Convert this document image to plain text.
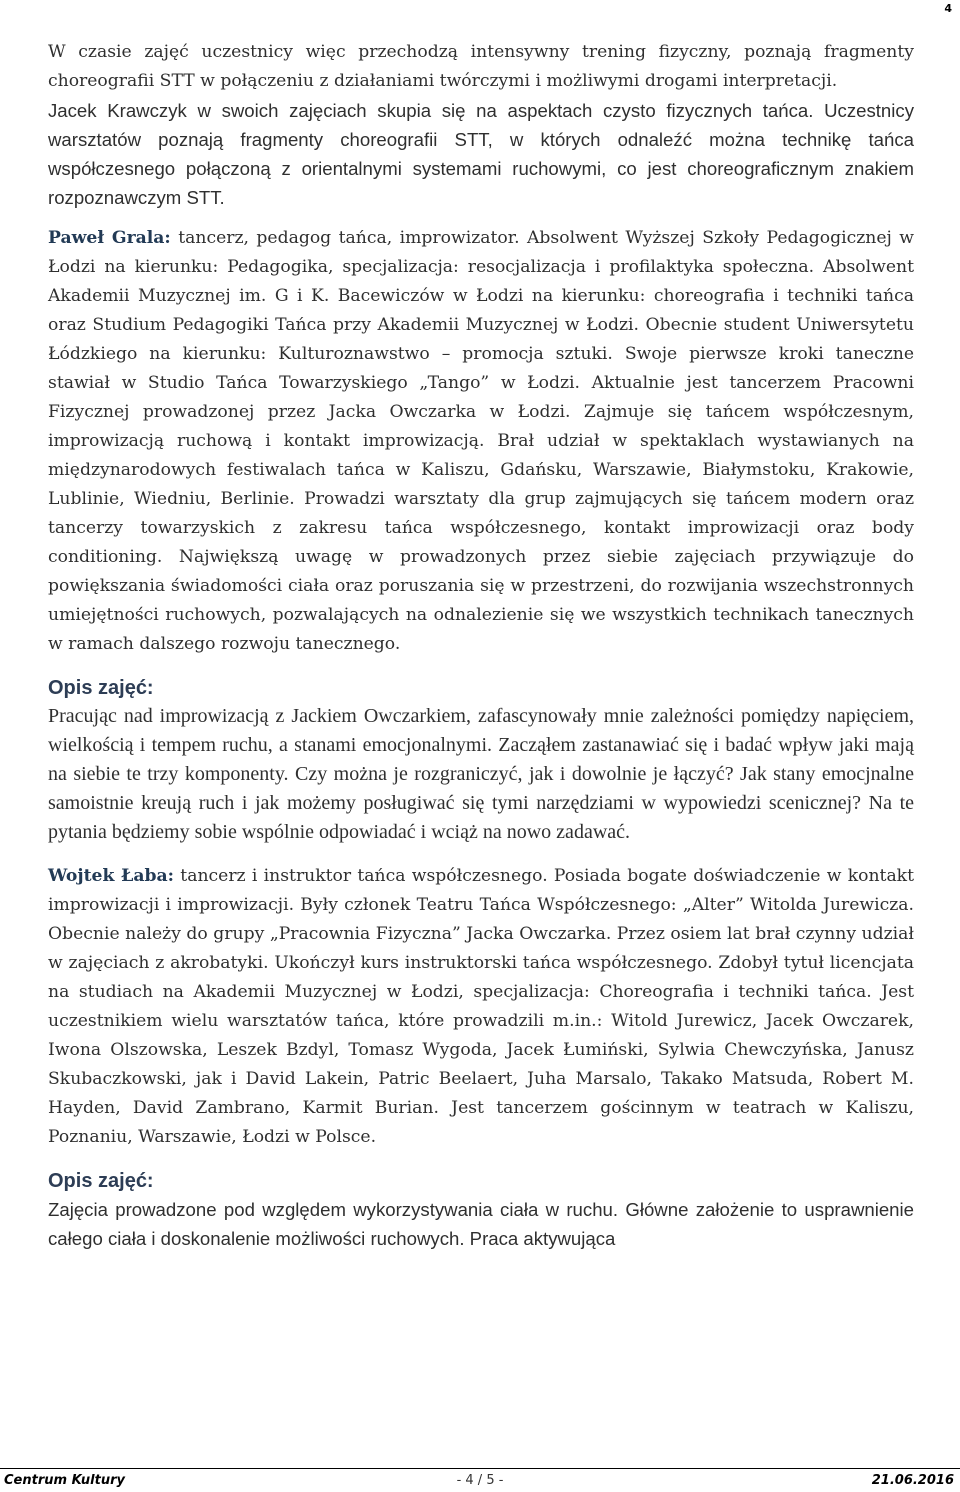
4

W czasie zajęć uczestnicy więc przechodzą intensywny trening fizyczny, poznają fragmenty choreografii STT w połączeniu z działaniami twórczymi i możliwymi drogami interpretacji.

Jacek Krawczyk w swoich zajęciach skupia się na aspektach czysto fizycznych tańca. Uczestnicy warsztatów poznają fragmenty choreografii STT, w których odnaleźć można technikę tańca współczesnego połączoną z orientalnymi systemami ruchowymi, co jest choreograficznym znakiem rozpoznawczym STT.

Paweł Grala: tancerz, pedagog tańca, improwizator. Absolwent Wyższej Szkoły Pedagogicznej w Łodzi na kierunku: Pedagogika, specjalizacja: resocjalizacja i profilaktyka społeczna. Absolwent Akademii Muzycznej im. G i K. Bacewiczów w Łodzi na kierunku: choreografia i techniki tańca oraz Studium Pedagogiki Tańca przy Akademii Muzycznej w Łodzi. Obecnie student Uniwersytetu Łódzkiego na kierunku: Kulturoznawstwo – promocja sztuki. Swoje pierwsze kroki taneczne stawiał w Studio Tańca Towarzyskiego „Tango” w Łodzi. Aktualnie jest tancerzem Pracowni Fizycznej prowadzonej przez Jacka Owczarka w Łodzi. Zajmuje się tańcem współczesnym, improwizacją ruchową i kontakt improwizacją. Brał udział w spektaklach wystawianych na międzynarodowych festiwalach tańca w Kaliszu, Gdańsku, Warszawie, Białymstoku, Krakowie, Lublinie, Wiedniu, Berlinie. Prowadzi warsztaty dla grup zajmujących się tańcem modern oraz tancerzy towarzyskich z zakresu tańca współczesnego, kontakt improwizacji oraz body conditioning. Największą uwagę w prowadzonych przez siebie zajęciach przywiązuje do powiększania świadomości ciała oraz poruszania się w przestrzeni, do rozwijania wszechstronnych umiejętności ruchowych, pozwalających na odnalezienie się we wszystkich technikach tanecznych w ramach dalszego rozwoju tanecznego.

Opis zajęć:

Pracując nad improwizacją z Jackiem Owczarkiem, zafascynowały mnie zależności pomiędzy napięciem, wielkością i tempem ruchu, a stanami emocjonalnymi. Zacząłem zastanawiać się i badać wpływ jaki mają na siebie te trzy komponenty. Czy można je rozgraniczyć, jak i dowolnie je łączyć? Jak stany emocjnalne samoistnie kreują ruch i jak możemy posługiwać się tymi narzędziami w wypowiedzi scenicznej? Na te pytania będziemy sobie wspólnie odpowiadać i wciąż na nowo zadawać.

Wojtek Łaba: tancerz i instruktor tańca współczesnego. Posiada bogate doświadczenie w kontakt improwizacji i improwizacji. Były członek Teatru Tańca Współczesnego: „Alter” Witolda Jurewicza. Obecnie należy do grupy „Pracownia Fizyczna” Jacka Owczarka. Przez osiem lat brał czynny udział w zajęciach z akrobatyki. Ukończył kurs instruktorski tańca współczesnego. Zdobył tytuł licencjata na studiach na Akademii Muzycznej w Łodzi, specjalizacja: Choreografia i techniki tańca. Jest uczestnikiem wielu warsztatów tańca, które prowadzili m.in.: Witold Jurewicz, Jacek Owczarek, Iwona Olszowska, Leszek Bzdyl, Tomasz Wygoda, Jacek Łumiński, Sylwia Chewczyńska, Janusz Skubaczkowski, jak i David Lakein, Patric Beelaert, Juha Marsalo, Takako Matsuda, Robert M. Hayden, David Zambrano, Karmit Burian. Jest tancerzem gościnnym w teatrach w Kaliszu, Poznaniu, Warszawie, Łodzi w Polsce.

Opis zajęć:

Zajęcia prowadzone pod względem wykorzystywania ciała w ruchu. Główne założenie to usprawnienie całego ciała i doskonalenie możliwości ruchowych. Praca aktywująca

Centrum Kultury	- 4 / 5 -	21.06.2016
